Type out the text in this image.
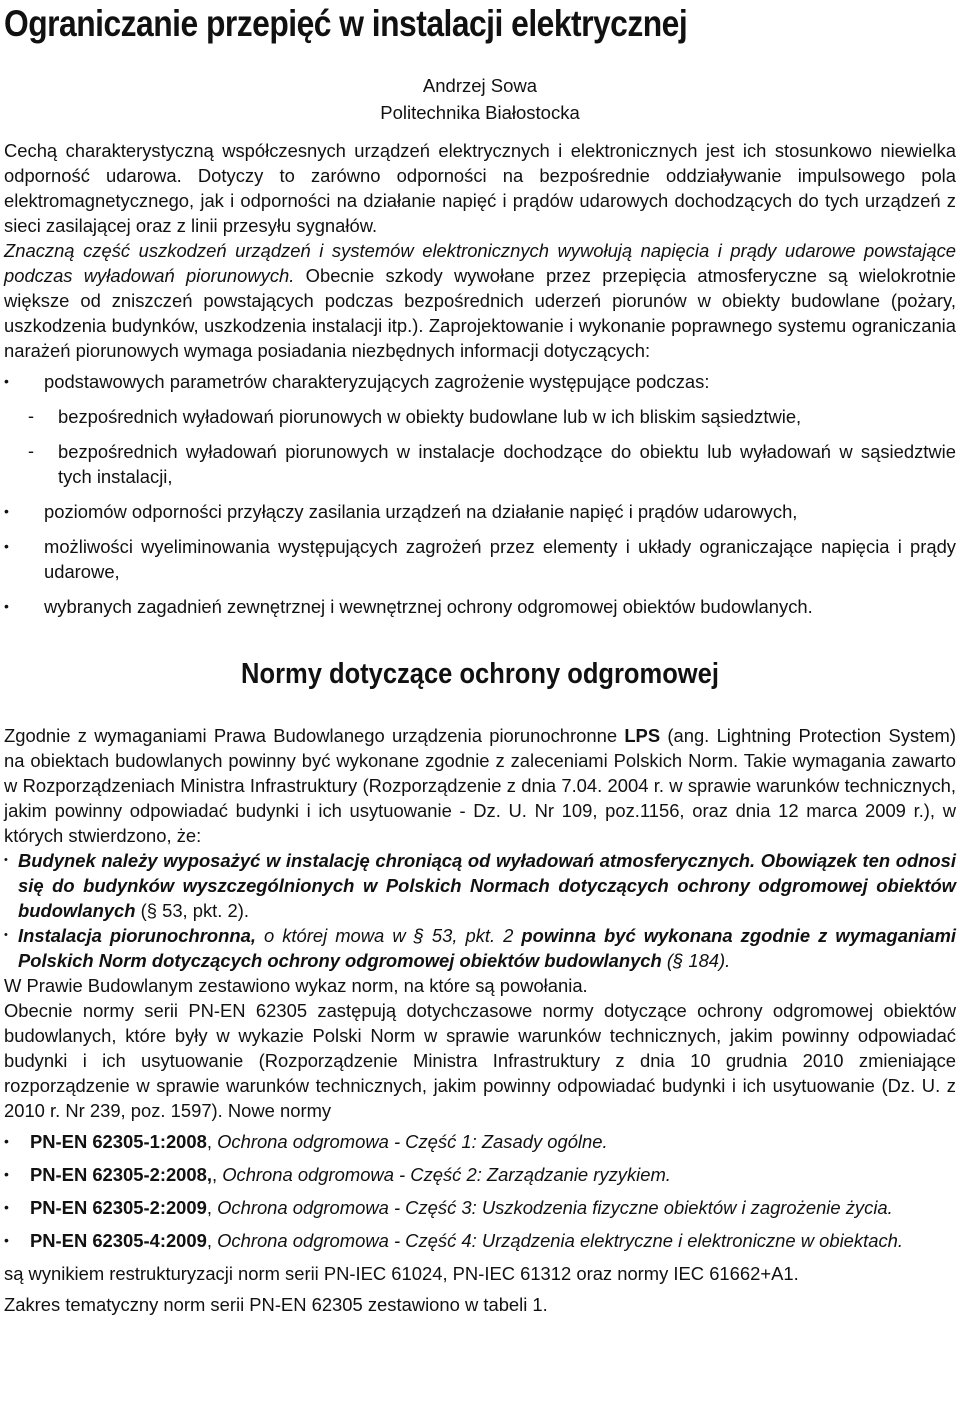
Ograniczanie przepięć w instalacji elektrycznej
Andrzej Sowa
Politechnika Białostocka

Cechą charakterystyczną współczesnych urządzeń elektrycznych i elektronicznych jest ich stosunkowo niewielka odporność udarowa. Dotyczy to zarówno odporności na bezpośrednie oddziaływanie impulsowego pola elektromagnetycznego, jak i odporności na działanie napięć i prądów udarowych dochodzących do tych urządzeń z sieci zasilającej oraz z linii przesyłu sygnałów.

Znaczną część uszkodzeń urządzeń i systemów elektronicznych wywołują napięcia i prądy udarowe powstające podczas wyładowań piorunowych. Obecnie szkody wywołane przez przepięcia atmosferyczne są wielokrotnie większe od zniszczeń powstających podczas bezpośrednich uderzeń piorunów w obiekty budowlane (pożary, uszkodzenia budynków, uszkodzenia instalacji itp.). Zaprojektowanie i wykonanie poprawnego systemu ograniczania narażeń piorunowych wymaga posiadania niezbędnych informacji dotyczących:

• podstawowych parametrów charakteryzujących zagrożenie występujące podczas:
- bezpośrednich wyładowań piorunowych w obiekty budowlane lub w ich bliskim sąsiedztwie,
- bezpośrednich wyładowań piorunowych w instalacje dochodzące do obiektu lub wyładowań w sąsiedztwie tych instalacji,
• poziomów odporności przyłączy zasilania urządzeń na działanie napięć i prądów udarowych,
• możliwości wyeliminowania występujących zagrożeń przez elementy i układy ograniczające napięcia i prądy udarowe,
• wybranych zagadnień zewnętrznej i wewnętrznej ochrony odgromowej obiektów budowlanych.
Normy dotyczące ochrony odgromowej

Zgodnie z wymaganiami Prawa Budowlanego urządzenia piorunochronne LPS (ang. Lightning Protection System) na obiektach budowlanych powinny być wykonane zgodnie z zaleceniami Polskich Norm. Takie wymagania zawarto w Rozporządzeniach Ministra Infrastruktury (Rozporządzenie z dnia 7.04. 2004 r. w sprawie warunków technicznych, jakim powinny odpowiadać budynki i ich usytuowanie - Dz. U. Nr 109, poz.1156, oraz dnia 12 marca 2009 r.), w których stwierdzono, że:

• Budynek należy wyposażyć w instalację chroniącą od wyładowań atmosferycznych. Obowiązek ten odnosi się do budynków wyszczególnionych w Polskich Normach dotyczących ochrony odgromowej obiektów budowlanych (§ 53, pkt. 2).
• Instalacja piorunochronna, o której mowa w § 53, pkt. 2 powinna być wykonana zgodnie z wymaganiami Polskich Norm dotyczących ochrony odgromowej obiektów budowlanych (§ 184).

W Prawie Budowlanym zestawiono wykaz norm, na które są powołania.

Obecnie normy serii PN-EN 62305 zastępują dotychczasowe normy dotyczące ochrony odgromowej obiektów budowlanych, które były w wykazie Polski Norm w sprawie warunków technicznych, jakim powinny odpowiadać budynki i ich usytuowanie (Rozporządzenie Ministra Infrastruktury z dnia 10 grudnia 2010 zmieniające rozporządzenie w sprawie warunków technicznych, jakim powinny odpowiadać budynki i ich usytuowanie (Dz. U. z 2010 r. Nr 239, poz. 1597). Nowe normy

• PN-EN 62305-1:2008, Ochrona odgromowa - Część 1: Zasady ogólne.
• PN-EN 62305-2:2008,, Ochrona odgromowa - Część 2: Zarządzanie ryzykiem.
• PN-EN 62305-2:2009, Ochrona odgromowa - Część 3: Uszkodzenia fizyczne obiektów i zagrożenie życia.
• PN-EN 62305-4:2009, Ochrona odgromowa - Część 4: Urządzenia elektryczne i elektroniczne w obiektach.

są wynikiem restrukturyzacji norm serii PN-IEC 61024, PN-IEC 61312 oraz normy IEC 61662+A1.

Zakres tematyczny norm serii PN-EN 62305 zestawiono w tabeli 1.
